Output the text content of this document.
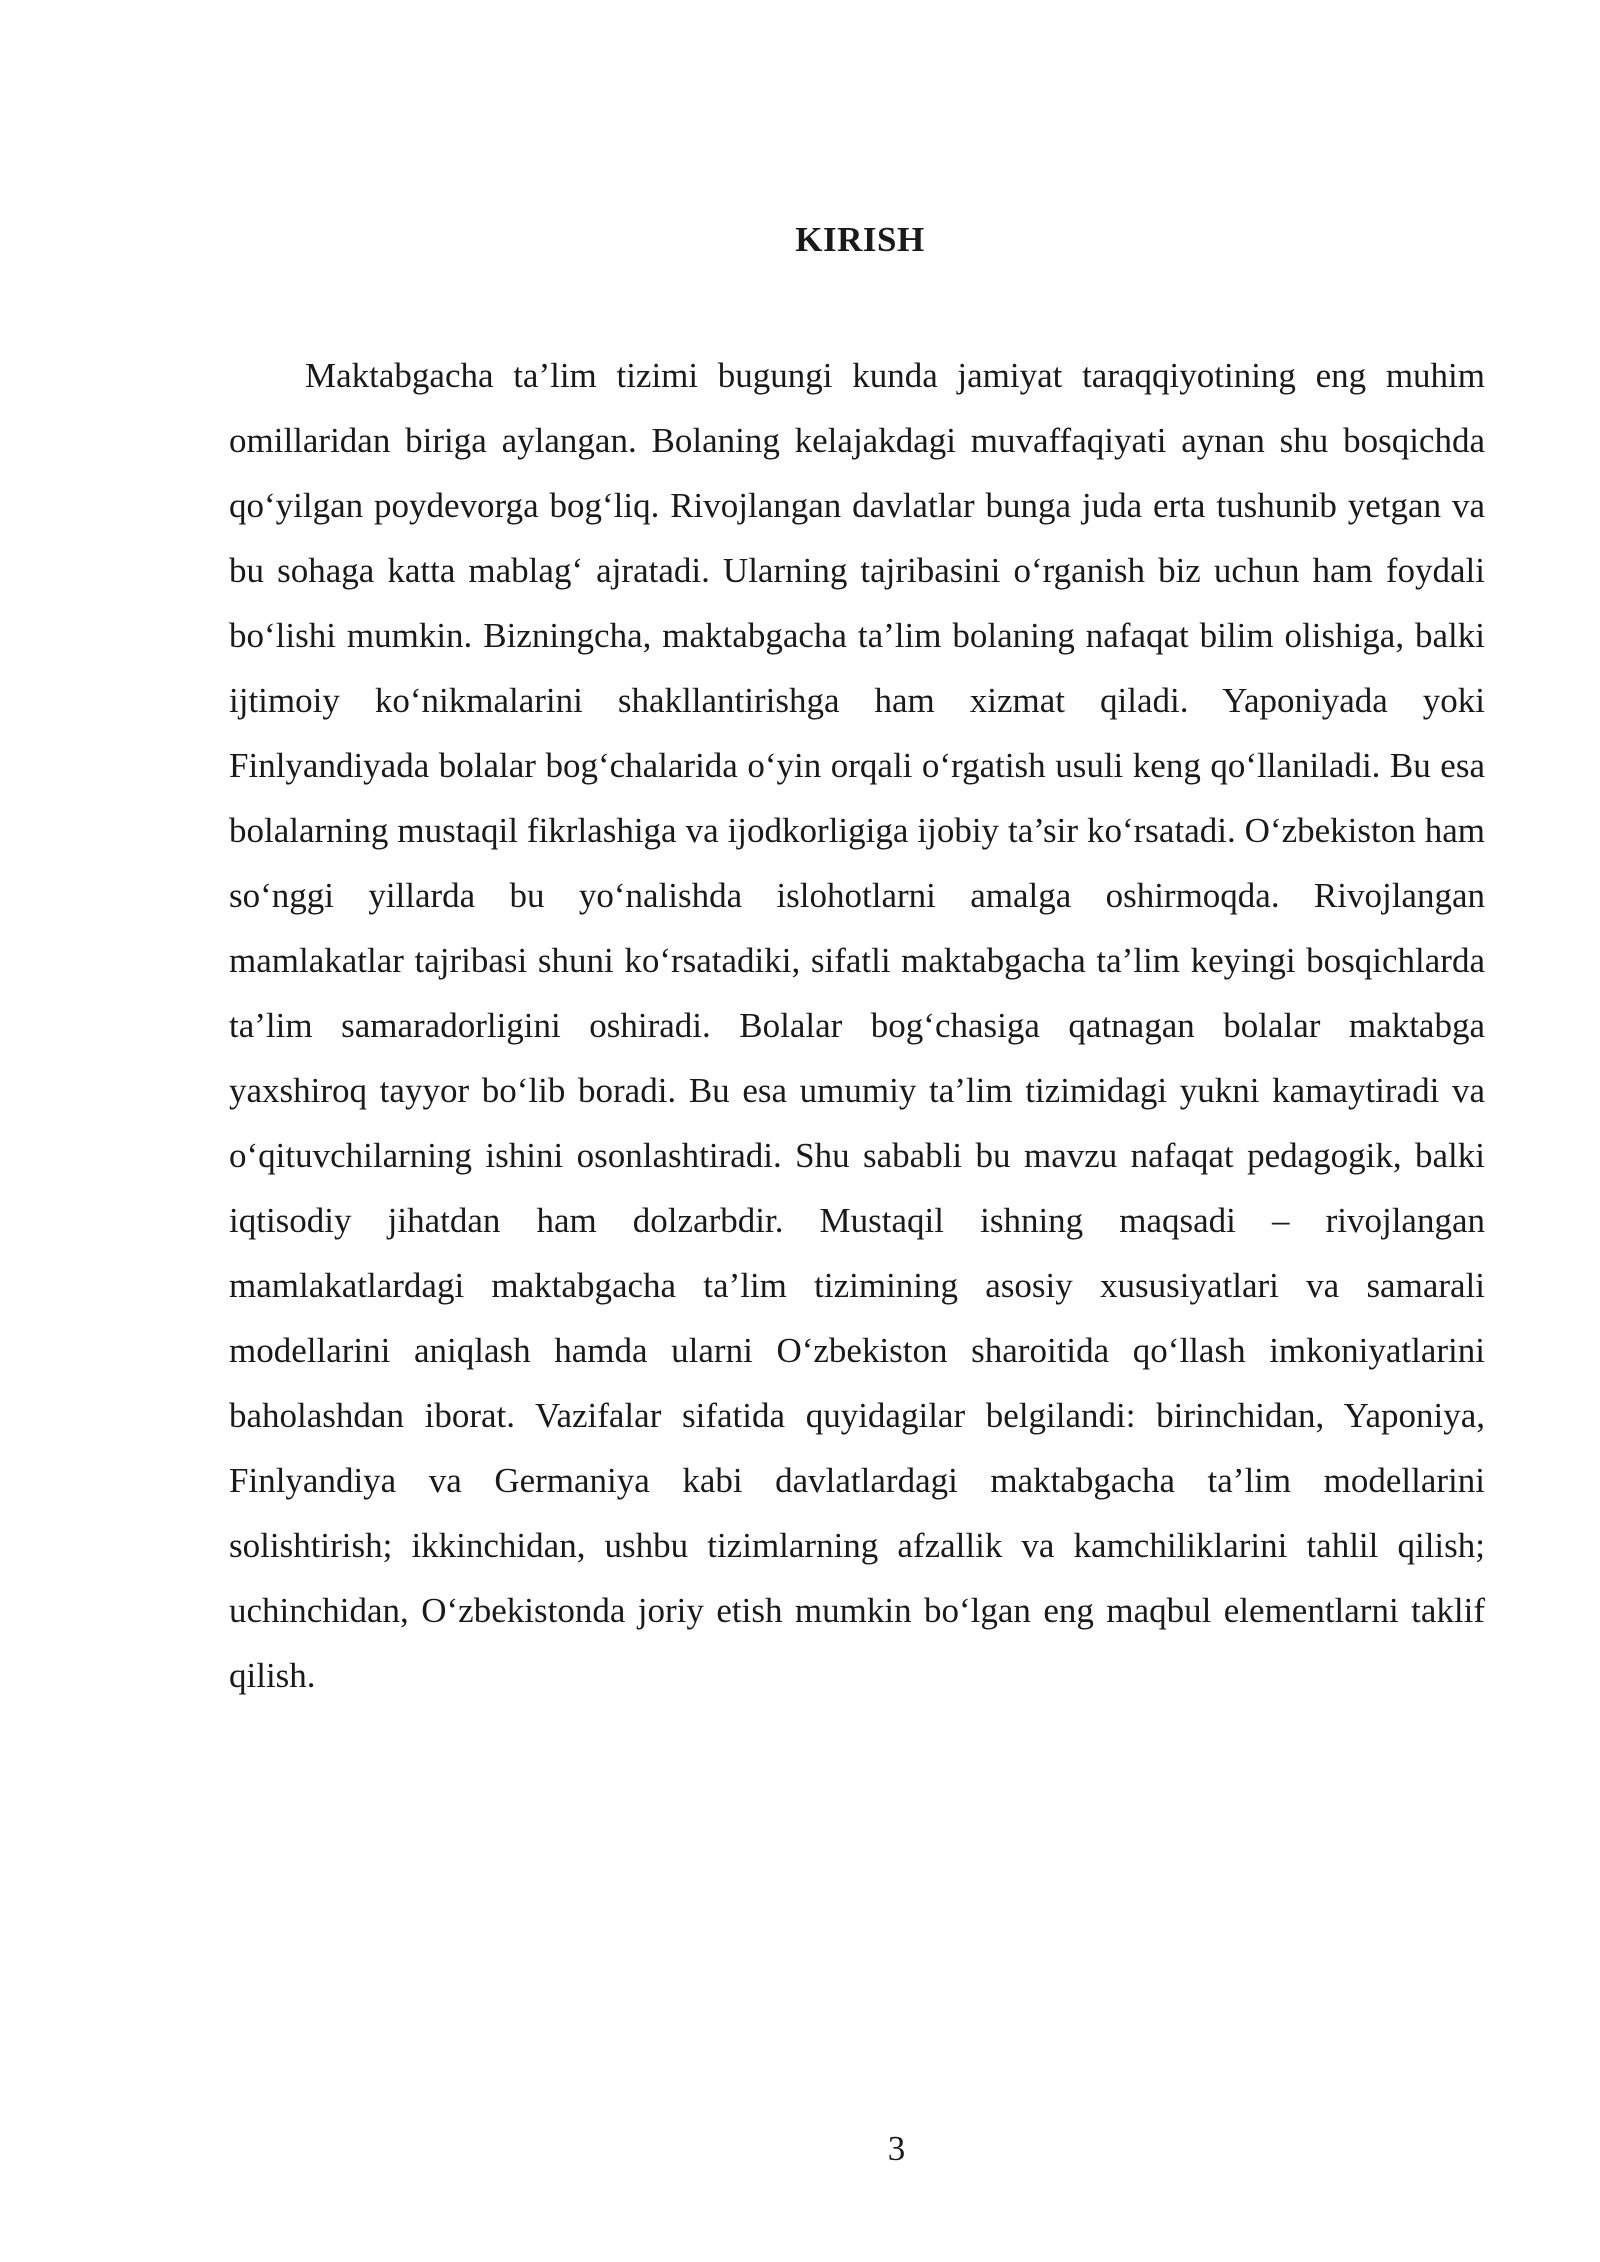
KIRISH

Maktabgacha ta’lim tizimi bugungi kunda jamiyat taraqqiyotining eng muhim omillaridan biriga aylangan. Bolaning kelajakdagi muvaffaqiyati aynan shu bosqichda qo‘yilgan poydevorga bog‘liq. Rivojlangan davlatlar bunga juda erta tushunib yetgan va bu sohaga katta mablag‘ ajratadi. Ularning tajribasini o‘rganish biz uchun ham foydali bo‘lishi mumkin. Bizningcha, maktabgacha ta’lim bolaning nafaqat bilim olishiga, balki ijtimoiy ko‘nikmalarini shakllantirishga ham xizmat qiladi. Yaponiyada yoki Finlyandiyada bolalar bog‘chalarida o‘yin orqali o‘rgatish usuli keng qo‘llaniladi. Bu esa bolalarning mustaqil fikrlashiga va ijodkorligiga ijobiy ta’sir ko‘rsatadi. O‘zbekiston ham so‘nggi yillarda bu yo‘nalishda islohotlarni amalga oshirmoqda. Rivojlangan mamlakatlar tajribasi shuni ko‘rsatadiki, sifatli maktabgacha ta’lim keyingi bosqichlarda ta’lim samaradorligini oshiradi. Bolalar bog‘chasiga qatnagan bolalar maktabga yaxshiroq tayyor bo‘lib boradi. Bu esa umumiy ta’lim tizimidagi yukni kamaytiradi va o‘qituvchilarning ishini osonlashtiradi. Shu sababli bu mavzu nafaqat pedagogik, balki iqtisodiy jihatdan ham dolzarbdir. Mustaqil ishning maqsadi – rivojlangan mamlakatlardagi maktabgacha ta’lim tizimining asosiy xususiyatlari va samarali modellarini aniqlash hamda ularni O‘zbekiston sharoitida qo‘llash imkoniyatlarini baholashdan iborat. Vazifalar sifatida quyidagilar belgilandi: birinchidan, Yaponiya, Finlyandiya va Germaniya kabi davlatlardagi maktabgacha ta’lim modellarini solishtirish; ikkinchidan, ushbu tizimlarning afzallik va kamchiliklarini tahlil qilish; uchinchidan, O‘zbekistonda joriy etish mumkin bo‘lgan eng maqbul elementlarni taklif qilish.

3
